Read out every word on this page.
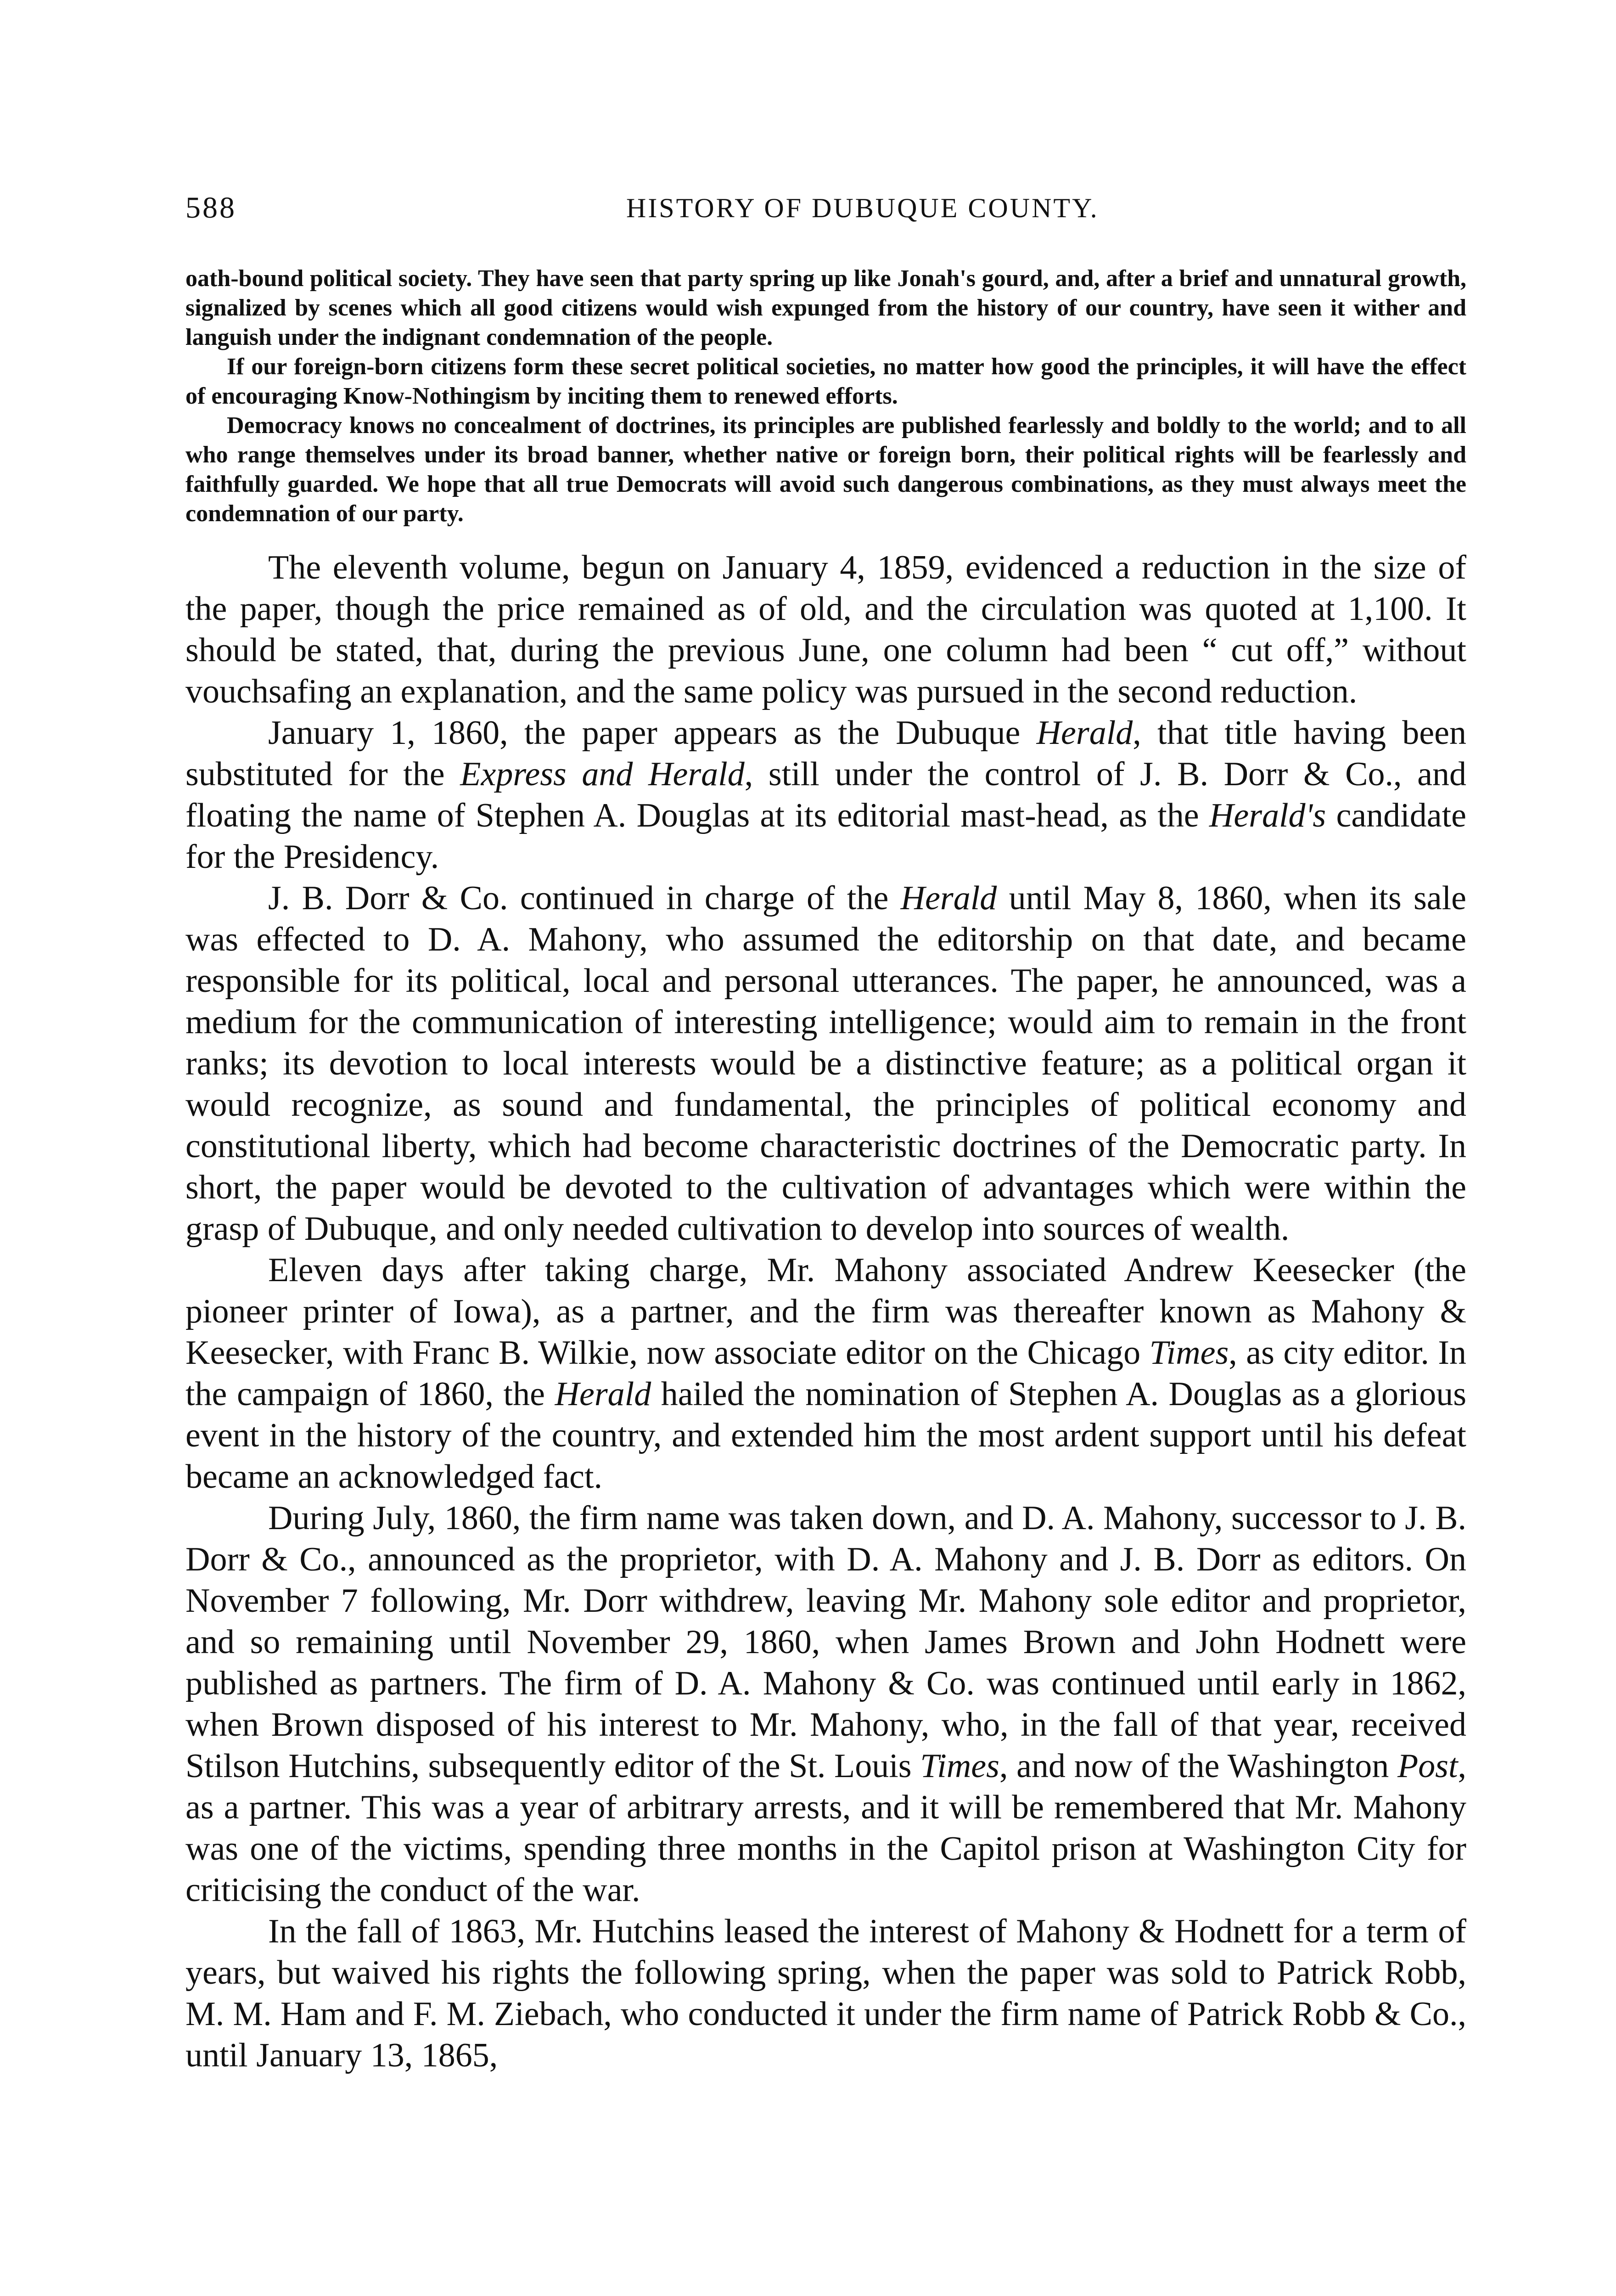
588	HISTORY OF DUBUQUE COUNTY.

oath-bound political society. They have seen that party spring up like Jonah's gourd, and, after a brief and unnatural growth, signalized by scenes which all good citizens would wish expunged from the history of our country, have seen it wither and languish under the indignant condemnation of the people.

If our foreign-born citizens form these secret political societies, no matter how good the principles, it will have the effect of encouraging Know-Nothingism by inciting them to renewed efforts.

Democracy knows no concealment of doctrines, its principles are published fearlessly and boldly to the world; and to all who range themselves under its broad banner, whether native or foreign born, their political rights will be fearlessly and faithfully guarded. We hope that all true Democrats will avoid such dangerous combinations, as they must always meet the condemnation of our party.

The eleventh volume, begun on January 4, 1859, evidenced a reduction in the size of the paper, though the price remained as of old, and the circulation was quoted at 1,100. It should be stated, that, during the previous June, one column had been “ cut off,” without vouchsafing an explanation, and the same policy was pursued in the second reduction.

January 1, 1860, the paper appears as the Dubuque Herald, that title having been substituted for the Express and Herald, still under the control of J. B. Dorr & Co., and floating the name of Stephen A. Douglas at its editorial mast-head, as the Herald's candidate for the Presidency.

J. B. Dorr & Co. continued in charge of the Herald until May 8, 1860, when its sale was effected to D. A. Mahony, who assumed the editorship on that date, and became responsible for its political, local and personal utterances. The paper, he announced, was a medium for the communication of interesting intelligence; would aim to remain in the front ranks; its devotion to local interests would be a distinctive feature; as a political organ it would recognize, as sound and fundamental, the principles of political economy and constitutional liberty, which had become characteristic doctrines of the Democratic party. In short, the paper would be devoted to the cultivation of advantages which were within the grasp of Dubuque, and only needed cultivation to develop into sources of wealth.

Eleven days after taking charge, Mr. Mahony associated Andrew Keesecker (the pioneer printer of Iowa), as a partner, and the firm was thereafter known as Mahony & Keesecker, with Franc B. Wilkie, now associate editor on the Chicago Times, as city editor. In the campaign of 1860, the Herald hailed the nomination of Stephen A. Douglas as a glorious event in the history of the country, and extended him the most ardent support until his defeat became an acknowledged fact.

During July, 1860, the firm name was taken down, and D. A. Mahony, successor to J. B. Dorr & Co., announced as the proprietor, with D. A. Mahony and J. B. Dorr as editors. On November 7 following, Mr. Dorr withdrew, leaving Mr. Mahony sole editor and proprietor, and so remaining until November 29, 1860, when James Brown and John Hodnett were published as partners. The firm of D. A. Mahony & Co. was continued until early in 1862, when Brown disposed of his interest to Mr. Mahony, who, in the fall of that year, received Stilson Hutchins, subsequently editor of the St. Louis Times, and now of the Washington Post, as a partner. This was a year of arbitrary arrests, and it will be remembered that Mr. Mahony was one of the victims, spending three months in the Capitol prison at Washington City for criticising the conduct of the war.

In the fall of 1863, Mr. Hutchins leased the interest of Mahony & Hodnett for a term of years, but waived his rights the following spring, when the paper was sold to Patrick Robb, M. M. Ham and F. M. Ziebach, who conducted it under the firm name of Patrick Robb & Co., until January 13, 1865,
